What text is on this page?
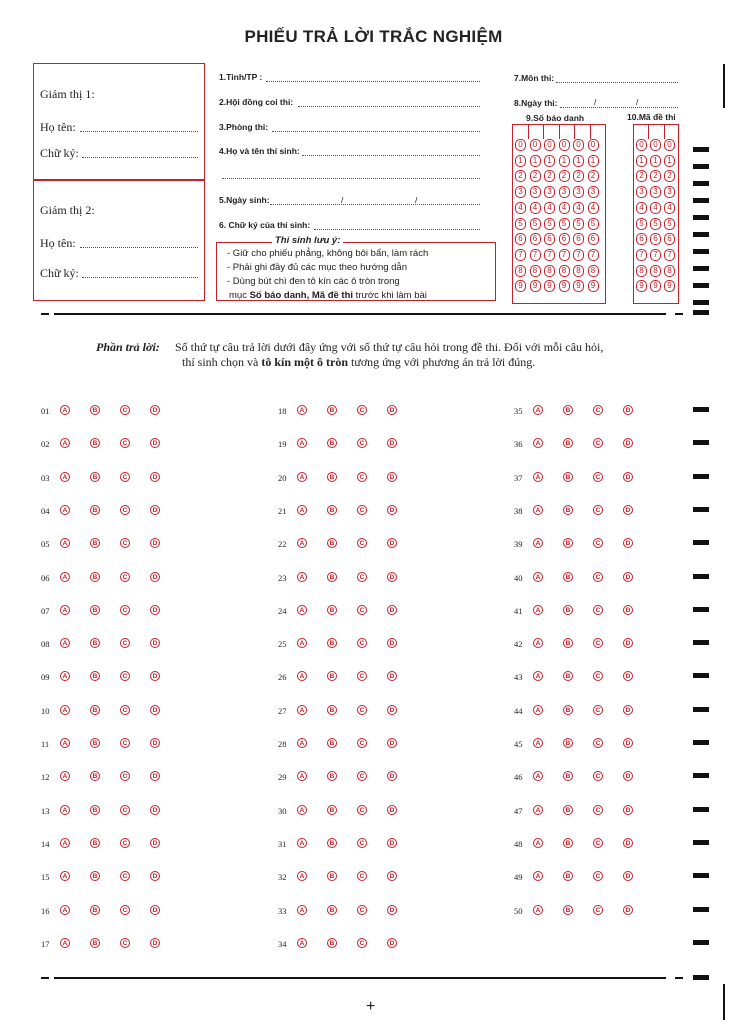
PHIẾU TRẢ LỜI TRẮC NGHIỆM
Giám thị 1:
Họ tên:
Chữ ký:
Giám thị 2:
Họ tên:
Chữ ký:
1.Tỉnh/TP :
2.Hội đồng coi thi:
3.Phòng thi:
4.Họ và tên thí sinh:
5.Ngày sinh:	/	/
6. Chữ ký của thí sinh:
7.Môn thi:
8.Ngày thi:	/	/
Thí sinh lưu ý:
- Giữ cho phiếu phẳng, không bôi bẩn, làm rách
- Phải ghi đầy đủ các mục theo hướng dẫn
- Dùng bút chì đen tô kín các ô tròn trong
mục Số báo danh, Mã đề thi trước khi làm bài
9.Số báo danh
0	0	0	0	0	0
1	1	1	1	1	1
2	2	2	2	2	2
3	3	3	3	3	3
4	4	4	4	4	4
5	5	5	5	5	5
6	6	6	6	6	6
7	7	7	7	7	7
8	8	8	8	8	8
9	9	9	9	9	9
10.Mã đề thi
0	0	0
1	1	1
2	2	2
3	3	3
4	4	4
5	5	5
6	6	6
7	7	7
8	8	8
9	9	9
Phần trả lời: Số thứ tự câu trả lời dưới đây ứng với số thứ tự câu hỏi trong đề thi. Đối với mỗi câu hỏi,
thí sinh chọn và tô kín một ô tròn tương ứng với phương án trả lời đúng.
01	A	B	C	D
02	A	B	C	D
03	A	B	C	D
04	A	B	C	D
05	A	B	C	D
06	A	B	C	D
07	A	B	C	D
08	A	B	C	D
09	A	B	C	D
10	A	B	C	D
11	A	B	C	D
12	A	B	C	D
13	A	B	C	D
14	A	B	C	D
15	A	B	C	D
16	A	B	C	D
17	A	B	C	D
18	A	B	C	D
19	A	B	C	D
20	A	B	C	D
21	A	B	C	D
22	A	B	C	D
23	A	B	C	D
24	A	B	C	D
25	A	B	C	D
26	A	B	C	D
27	A	B	C	D
28	A	B	C	D
29	A	B	C	D
30	A	B	C	D
31	A	B	C	D
32	A	B	C	D
33	A	B	C	D
34	A	B	C	D
35	A	B	C	D
36	A	B	C	D
37	A	B	C	D
38	A	B	C	D
39	A	B	C	D
40	A	B	C	D
41	A	B	C	D
42	A	B	C	D
43	A	B	C	D
44	A	B	C	D
45	A	B	C	D
46	A	B	C	D
47	A	B	C	D
48	A	B	C	D
49	A	B	C	D
50	A	B	C	D
+
